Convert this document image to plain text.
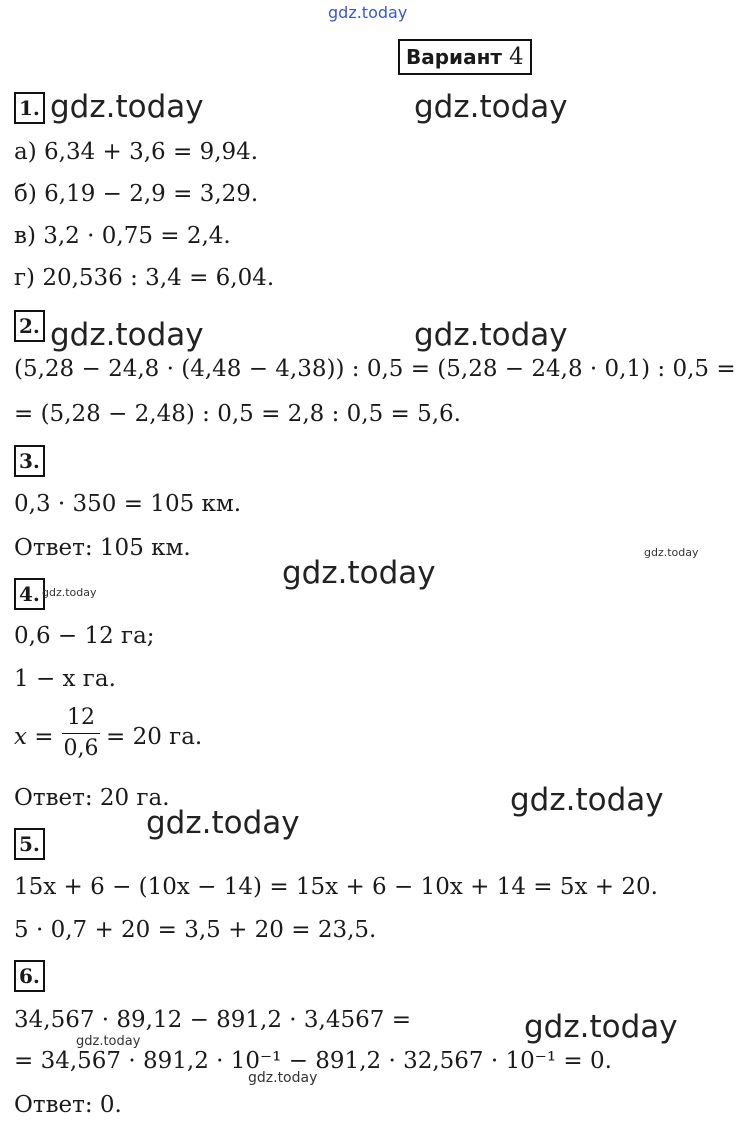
gdz.today
Вариант 4
1. gdz.today	gdz.today
а) 6,34 + 3,6 = 9,94.
б) 6,19 − 2,9 = 3,29.
в) 3,2 · 0,75 = 2,4.
г) 20,536 : 3,4 = 6,04.
2. gdz.today	gdz.today
(5,28 − 24,8 · (4,48 − 4,38)) : 0,5 = (5,28 − 24,8 · 0,1) : 0,5 =
= (5,28 − 2,48) : 0,5 = 2,8 : 0,5 = 5,6.
3.
0,3 · 350 = 105 км.
Ответ: 105 км.	gdz.today
gdz.today
4. gdz.today
0,6 − 12 га;
1 − x га.
x =
12
0,6 = 20 га.
Ответ: 20 га.	gdz.today
gdz.today
5.
15x + 6 − (10x − 14) = 15x + 6 − 10x + 14 = 5x + 20.
5 · 0,7 + 20 = 3,5 + 20 = 23,5.
6.
34,567 · 89,12 − 891,2 · 3,4567 =	gdz.today
gdz.today
= 34,567 · 891,2 · 10⁻¹ − 891,2 · 32,567 · 10⁻¹ = 0.
gdz.today
Ответ: 0.
